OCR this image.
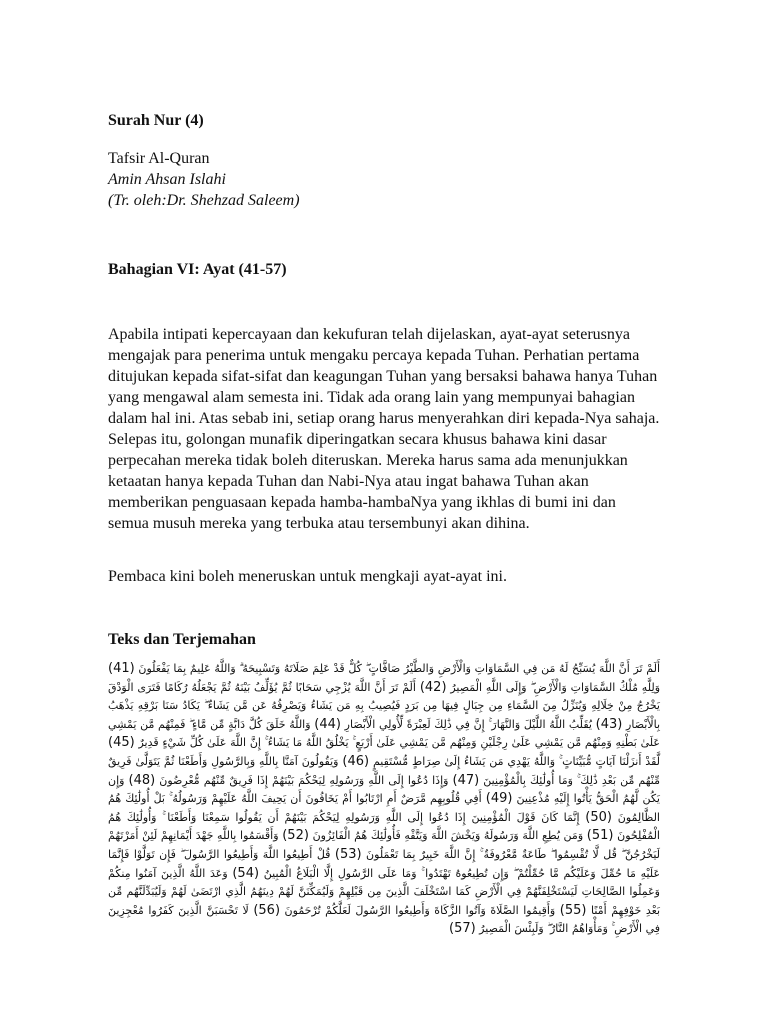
Surah Nur (4)
Tafsir Al-Quran
Amin Ahsan Islahi
(Tr. oleh:Dr. Shehzad Saleem)
Bahagian VI: Ayat (41-57)

Apabila intipati kepercayaan dan kekufuran telah dijelaskan, ayat-ayat seterusnya mengajak para penerima untuk mengaku percaya kepada Tuhan. Perhatian pertama ditujukan kepada sifat-sifat dan keagungan Tuhan yang bersaksi bahawa hanya Tuhan yang mengawal alam semesta ini. Tidak ada orang lain yang mempunyai bahagian dalam hal ini. Atas sebab ini, setiap orang harus menyerahkan diri kepada-Nya sahaja. Selepas itu, golongan munafik diperingatkan secara khusus bahawa kini dasar perpecahan mereka tidak boleh diteruskan. Mereka harus sama ada menunjukkan ketaatan hanya kepada Tuhan dan Nabi-Nya atau ingat bahawa Tuhan akan memberikan penguasaan kepada hamba-hambaNya yang ikhlas di bumi ini dan semua musuh mereka yang terbuka atau tersembunyi akan dihina.

Pembaca kini boleh meneruskan untuk mengkaji ayat-ayat ini.

Teks dan Terjemahan
أَلَمْ تَرَ أَنَّ اللَّهَ يُسَبِّحُ لَهُ مَن فِي السَّمَاوَاتِ وَالْأَرْضِ وَالطَّيْرُ صَافَّاتٍ ۖ كُلٌّ قَدْ عَلِمَ صَلَاتَهُ وَتَسْبِيحَهُ ۗ وَاللَّهُ عَلِيمٌ بِمَا يَفْعَلُونَ (41) وَلِلَّهِ مُلْكُ السَّمَاوَاتِ وَالْأَرْضِ ۖ وَإِلَى اللَّهِ الْمَصِيرُ (42) أَلَمْ تَرَ أَنَّ اللَّهَ يُزْجِي سَحَابًا ثُمَّ يُؤَلِّفُ بَيْنَهُ ثُمَّ يَجْعَلُهُ رُكَامًا فَتَرَى الْوَدْقَ يَخْرُجُ مِنْ خِلَالِهِ وَيُنَزِّلُ مِنَ السَّمَاءِ مِن جِبَالٍ فِيهَا مِن بَرَدٍ فَيُصِيبُ بِهِ مَن يَشَاءُ وَيَصْرِفُهُ عَن مَّن يَشَاءُ ۖ يَكَادُ سَنَا بَرْقِهِ يَذْهَبُ بِالْأَبْصَارِ (43) يُقَلِّبُ اللَّهُ اللَّيْلَ وَالنَّهَارَ ۚ إِنَّ فِي ذَٰلِكَ لَعِبْرَةً لِّأُولِي الْأَبْصَارِ (44) وَاللَّهُ خَلَقَ كُلَّ دَابَّةٍ مِّن مَّاءٍ ۖ فَمِنْهُم مَّن يَمْشِي عَلَىٰ بَطْنِهِ وَمِنْهُم مَّن يَمْشِي عَلَىٰ رِجْلَيْنِ وَمِنْهُم مَّن يَمْشِي عَلَىٰ أَرْبَعٍ ۚ يَخْلُقُ اللَّهُ مَا يَشَاءُ ۚ إِنَّ اللَّهَ عَلَىٰ كُلِّ شَيْءٍ قَدِيرٌ (45) لَّقَدْ أَنزَلْنَا آيَاتٍ مُّبَيِّنَاتٍ ۚ وَاللَّهُ يَهْدِي مَن يَشَاءُ إِلَىٰ صِرَاطٍ مُّسْتَقِيمٍ (46) وَيَقُولُونَ آمَنَّا بِاللَّهِ وَبِالرَّسُولِ وَأَطَعْنَا ثُمَّ يَتَوَلَّىٰ فَرِيقٌ مِّنْهُم مِّن بَعْدِ ذَٰلِكَ ۚ وَمَا أُولَٰئِكَ بِالْمُؤْمِنِينَ (47) وَإِذَا دُعُوا إِلَى اللَّهِ وَرَسُولِهِ لِيَحْكُمَ بَيْنَهُمْ إِذَا فَرِيقٌ مِّنْهُم مُّعْرِضُونَ (48) وَإِن يَكُن لَّهُمُ الْحَقُّ يَأْتُوا إِلَيْهِ مُذْعِنِينَ (49) أَفِي قُلُوبِهِم مَّرَضٌ أَمِ ارْتَابُوا أَمْ يَخَافُونَ أَن يَحِيفَ اللَّهُ عَلَيْهِمْ وَرَسُولُهُ ۚ بَلْ أُولَٰئِكَ هُمُ الظَّالِمُونَ (50) إِنَّمَا كَانَ قَوْلَ الْمُؤْمِنِينَ إِذَا دُعُوا إِلَى اللَّهِ وَرَسُولِهِ لِيَحْكُمَ بَيْنَهُمْ أَن يَقُولُوا سَمِعْنَا وَأَطَعْنَا ۚ وَأُولَٰئِكَ هُمُ الْمُفْلِحُونَ (51) وَمَن يُطِعِ اللَّهَ وَرَسُولَهُ وَيَخْشَ اللَّهَ وَيَتَّقْهِ فَأُولَٰئِكَ هُمُ الْفَائِزُونَ (52) وَأَقْسَمُوا بِاللَّهِ جَهْدَ أَيْمَانِهِمْ لَئِنْ أَمَرْتَهُمْ لَيَخْرُجُنَّ ۖ قُل لَّا تُقْسِمُوا ۖ طَاعَةٌ مَّعْرُوفَةٌ ۚ إِنَّ اللَّهَ خَبِيرٌ بِمَا تَعْمَلُونَ (53) قُلْ أَطِيعُوا اللَّهَ وَأَطِيعُوا الرَّسُولَ ۖ فَإِن تَوَلَّوْا فَإِنَّمَا عَلَيْهِ مَا حُمِّلَ وَعَلَيْكُم مَّا حُمِّلْتُمْ ۖ وَإِن تُطِيعُوهُ تَهْتَدُوا ۚ وَمَا عَلَى الرَّسُولِ إِلَّا الْبَلَاغُ الْمُبِينُ (54) وَعَدَ اللَّهُ الَّذِينَ آمَنُوا مِنكُمْ وَعَمِلُوا الصَّالِحَاتِ لَيَسْتَخْلِفَنَّهُمْ فِي الْأَرْضِ كَمَا اسْتَخْلَفَ الَّذِينَ مِن قَبْلِهِمْ وَلَيُمَكِّنَنَّ لَهُمْ دِينَهُمُ الَّذِي ارْتَضَىٰ لَهُمْ وَلَيُبَدِّلَنَّهُم مِّن بَعْدِ خَوْفِهِمْ أَمْنًا (55) وَأَقِيمُوا الصَّلَاةَ وَآتُوا الزَّكَاةَ وَأَطِيعُوا الرَّسُولَ لَعَلَّكُمْ تُرْحَمُونَ (56) لَا تَحْسَبَنَّ الَّذِينَ كَفَرُوا مُعْجِزِينَ فِي الْأَرْضِ ۚ وَمَأْوَاهُمُ النَّارُ ۖ وَلَبِئْسَ الْمَصِيرُ (57)
